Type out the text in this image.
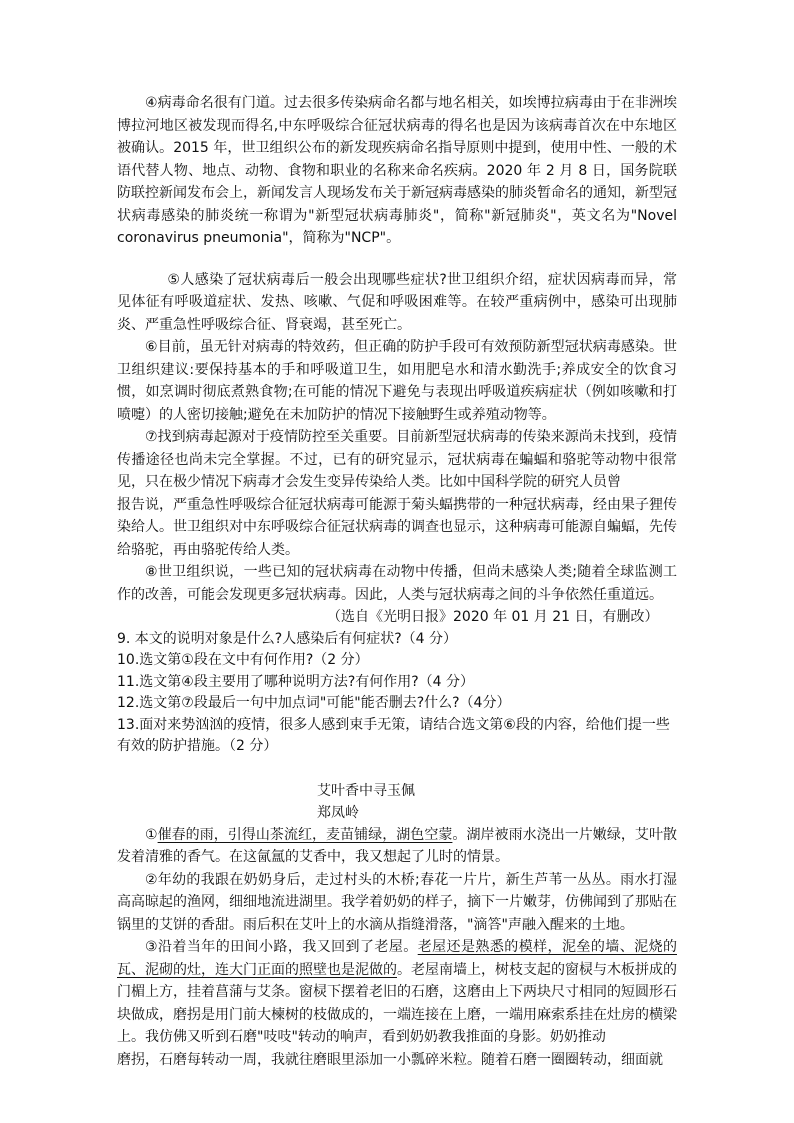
④病毒命名很有门道。过去很多传染病命名都与地名相关，如埃博拉病毒由于在非洲埃博拉河地区被发现而得名,中东呼吸综合征冠状病毒的得名也是因为该病毒首次在中东地区被确认。2015 年，世卫组织公布的新发现疾病命名指导原则中提到，使用中性、一般的术语代替人物、地点、动物、食物和职业的名称来命名疾病。2020 年 2 月 8 日，国务院联防联控新闻发布会上，新闻发言人现场发布关于新冠病毒感染的肺炎暂命名的通知，新型冠状病毒感染的肺炎统一称谓为"新型冠状病毒肺炎"，简称"新冠肺炎"，英文名为"Novel coronavirus pneumonia"，简称为"NCP"。

⑤人感染了冠状病毒后一般会出现哪些症状?世卫组织介绍，症状因病毒而异，常见体征有呼吸道症状、发热、咳嗽、气促和呼吸困难等。在较严重病例中，感染可出现肺炎、严重急性呼吸综合征、肾衰竭，甚至死亡。

⑥目前，虽无针对病毒的特效药，但正确的防护手段可有效预防新型冠状病毒感染。世卫组织建议:要保持基本的手和呼吸道卫生，如用肥皂水和清水勤洗手;养成安全的饮食习惯，如烹调时彻底煮熟食物;在可能的情况下避免与表现出呼吸道疾病症状（例如咳嗽和打喷嚏）的人密切接触;避免在未加防护的情况下接触野生或养殖动物等。

⑦找到病毒起源对于疫情防控至关重要。目前新型冠状病毒的传染来源尚未找到，疫情传播途径也尚未完全掌握。不过，已有的研究显示，冠状病毒在蝙蝠和骆驼等动物中很常见，只在极少情况下病毒才会发生变异传染给人类。比如中国科学院的研究人员曾

报告说，严重急性呼吸综合征冠状病毒可能源于菊头蝠携带的一种冠状病毒，经由果子狸传染给人。世卫组织对中东呼吸综合征冠状病毒的调查也显示，这种病毒可能源自蝙蝠，先传给骆驼，再由骆驼传给人类。

⑧世卫组织说，一些已知的冠状病毒在动物中传播，但尚未感染人类;随着全球监测工作的改善，可能会发现更多冠状病毒。因此，人类与冠状病毒之间的斗争依然任重道远。

（选自《光明日报》2020 年 01 月 21 日，有删改）

9. 本文的说明对象是什么?人感染后有何症状?（4 分）

10.选文第①段在文中有何作用?（2 分）

11.选文第④段主要用了哪种说明方法?有何作用?（4 分）

12.选文第⑦段最后一句中加点词"可能"能否删去?什么?（4分）

13.面对来势汹汹的疫情，很多人感到束手无策，请结合选文第⑥段的内容，给他们提一些有效的防护措施。（2 分）

艾叶香中寻玉佩

郑凤岭

①催春的雨，引得山茶流红，麦苗铺绿，湖色空蒙。湖岸被雨水浇出一片嫩绿，艾叶散发着清雅的香气。在这氤氲的艾香中，我又想起了儿时的情景。

②年幼的我跟在奶奶身后，走过村头的木桥;春花一片片，新生芦苇一丛丛。雨水打湿高高晾起的渔网，细细地流进湖里。我学着奶奶的样子，摘下一片嫩芽，仿佛闻到了那贴在锅里的艾饼的香甜。雨后积在艾叶上的水滴从指缝滑落，"滴答"声融入醒来的土地。

③沿着当年的田间小路，我又回到了老屋。老屋还是熟悉的模样，泥垒的墙、泥烧的瓦、泥砌的灶，连大门正面的照壁也是泥做的。老屋南墙上，树枝支起的窗棂与木板拼成的门楣上方，挂着菖蒲与艾条。窗棂下摆着老旧的石磨，这磨由上下两块尺寸相同的短圆形石块做成，磨拐是用门前大楝树的枝做成的，一端连接在上磨，一端用麻索系挂在灶房的横梁上。我仿佛又听到石磨"吱吱"转动的响声，看到奶奶教我推面的身影。奶奶推动

磨拐，石磨每转动一周，我就往磨眼里添加一小瓢碎米粒。随着石磨一圈圈转动，细面就
